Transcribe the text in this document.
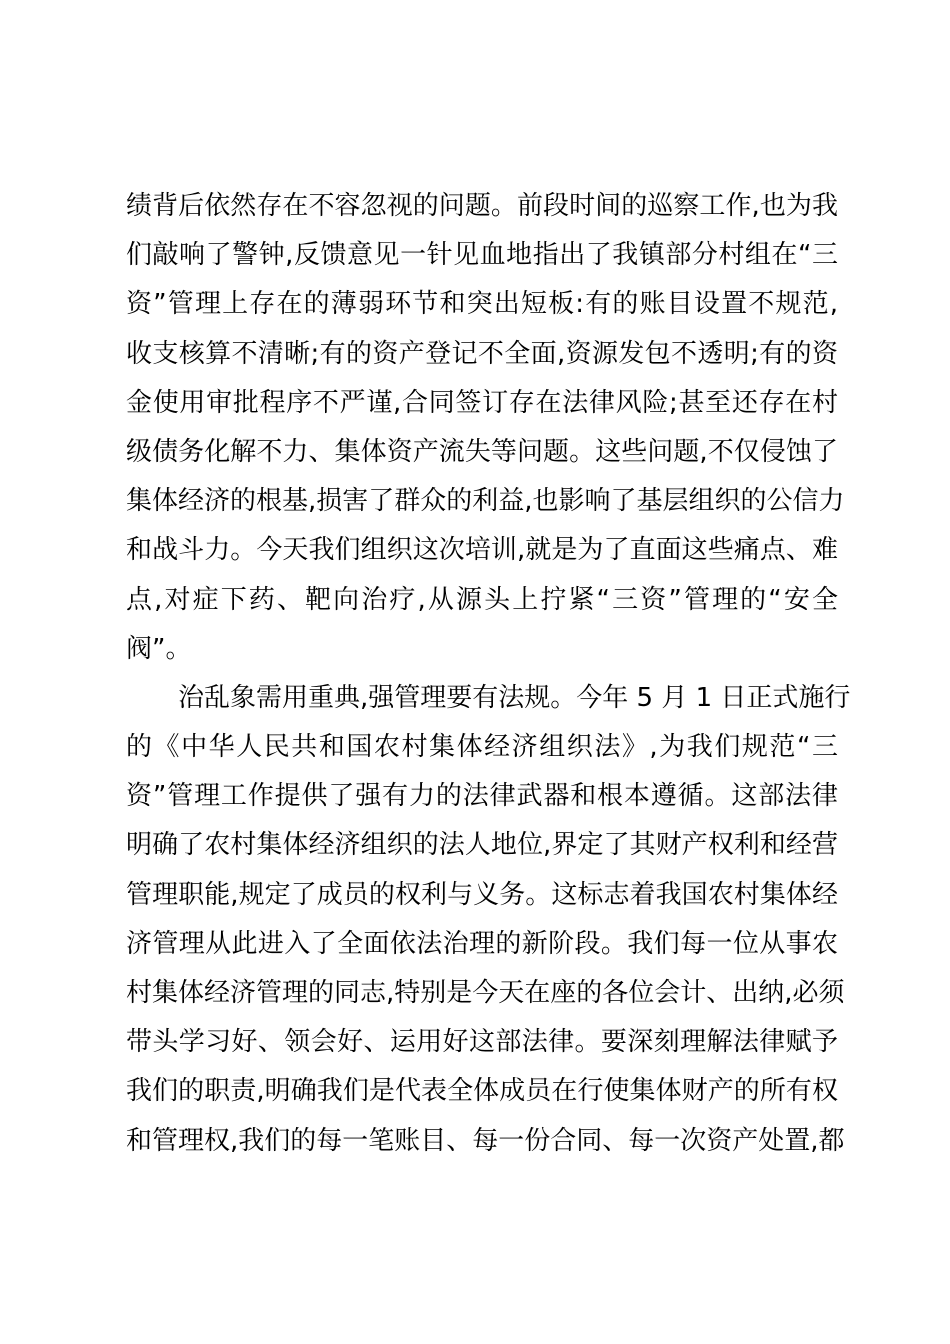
绩背后依然存在不容忽视的问题。前段时间的巡察工作,也为我
们敲响了警钟,反馈意见一针见血地指出了我镇部分村组在“三
资”管理上存在的薄弱环节和突出短板:有的账目设置不规范,
收支核算不清晰;有的资产登记不全面,资源发包不透明;有的资
金使用审批程序不严谨,合同签订存在法律风险;甚至还存在村
级债务化解不力、集体资产流失等问题。这些问题,不仅侵蚀了
集体经济的根基,损害了群众的利益,也影响了基层组织的公信力
和战斗力。今天我们组织这次培训,就是为了直面这些痛点、难
点,对症下药、靶向治疗,从源头上拧紧“三资”管理的“安全
阀”。
治乱象需用重典,强管理要有法规。今年 5 月 1 日正式施行
的《中华人民共和国农村集体经济组织法》,为我们规范“三
资”管理工作提供了强有力的法律武器和根本遵循。这部法律
明确了农村集体经济组织的法人地位,界定了其财产权利和经营
管理职能,规定了成员的权利与义务。这标志着我国农村集体经
济管理从此进入了全面依法治理的新阶段。我们每一位从事农
村集体经济管理的同志,特别是今天在座的各位会计、出纳,必须
带头学习好、领会好、运用好这部法律。要深刻理解法律赋予
我们的职责,明确我们是代表全体成员在行使集体财产的所有权
和管理权,我们的每一笔账目、每一份合同、每一次资产处置,都
